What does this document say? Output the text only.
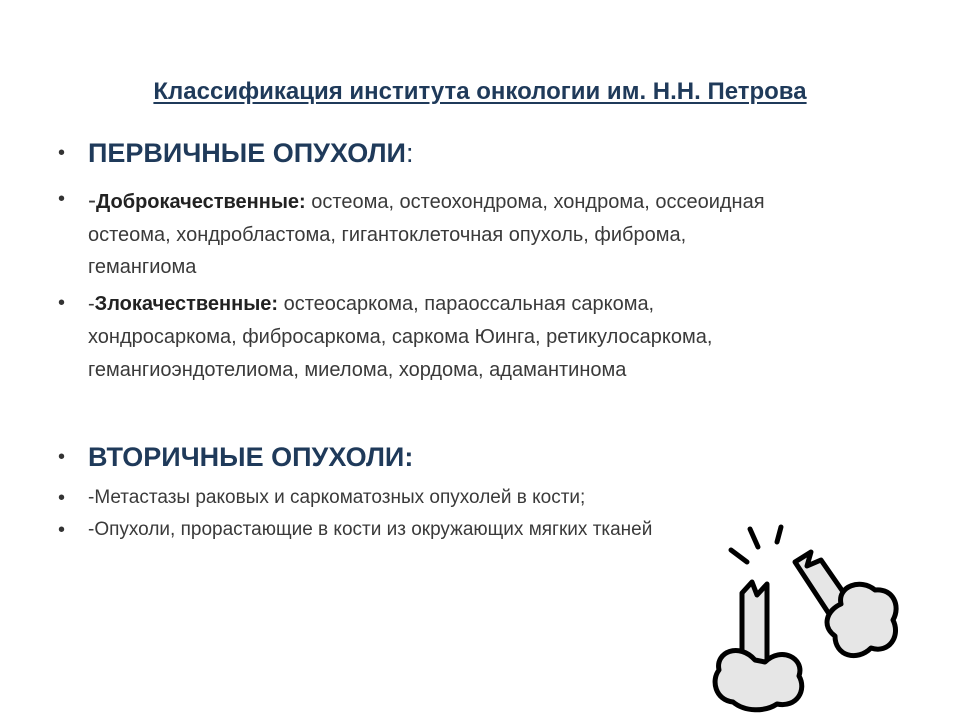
Классификация института онкологии им. Н.Н. Петрова
• ПЕРВИЧНЫЕ ОПУХОЛИ:
• -Доброкачественные: остеома, остеохондрома, хондрома, оссеоидная
остеома, хондробластома, гигантоклеточная опухоль, фиброма,
гемангиома
• -Злокачественные: остеосаркома, параоссальная саркома,
хондросаркома, фибросаркома, саркома Юинга, ретикулосаркома,
гемангиоэндотелиома, миелома, хордома, адамантинома
• ВТОРИЧНЫЕ ОПУХОЛИ:
• -Метастазы раковых и саркоматозных опухолей в кости;
• -Опухоли, прорастающие в кости из окружающих мягких тканей
